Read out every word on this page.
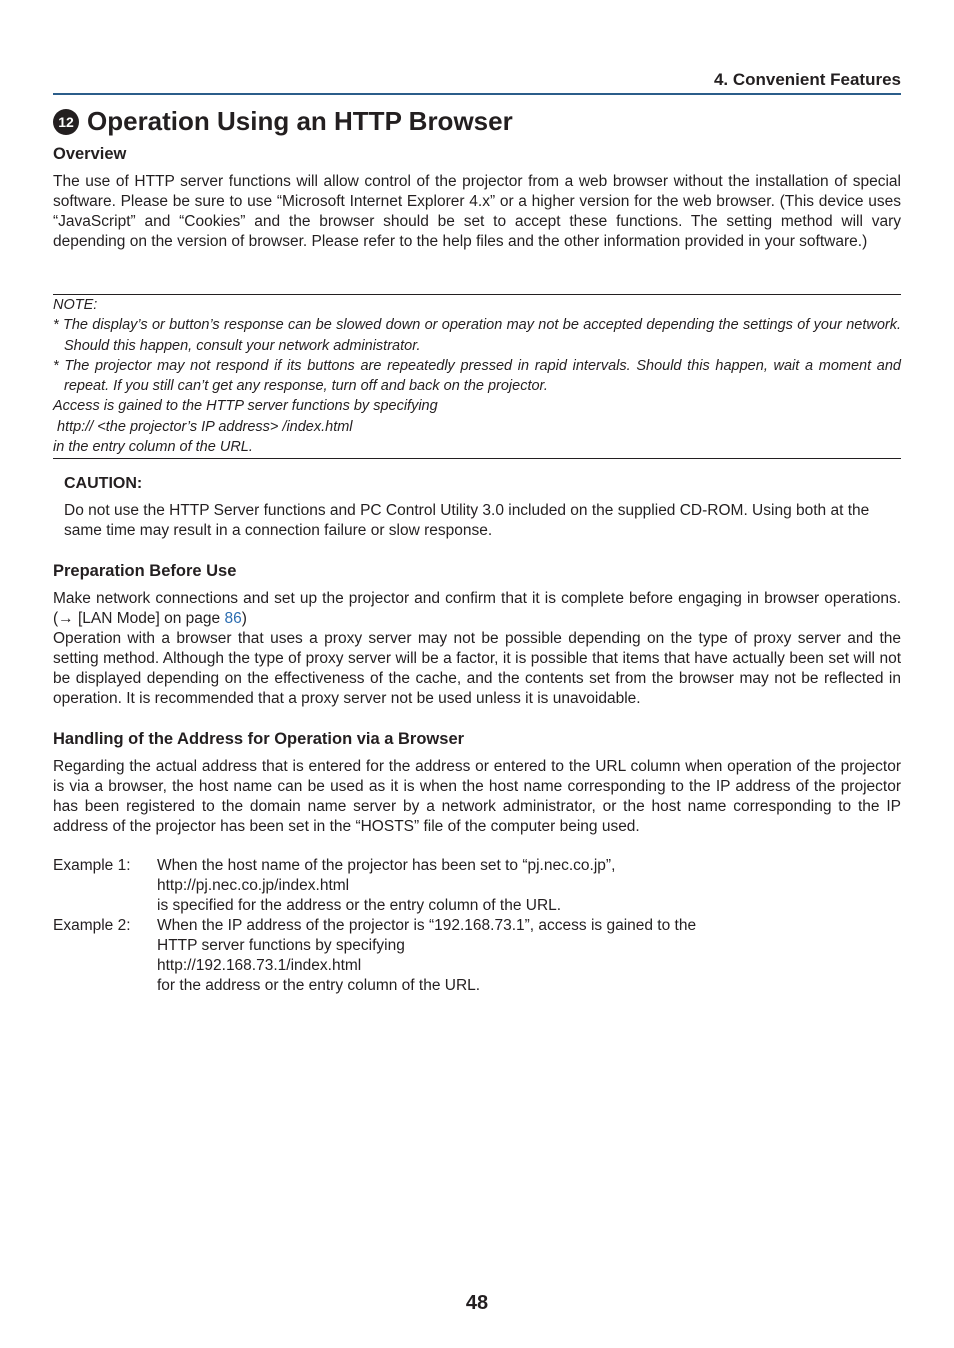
4. Convenient Features
12 Operation Using an HTTP Browser
Overview

The use of HTTP server functions will allow control of the projector from a web browser without the installation of special software. Please be sure to use “Microsoft Internet Explorer 4.x” or a higher version for the web browser. (This device uses “JavaScript” and “Cookies” and the browser should be set to accept these functions. The setting method will vary depending on the version of browser. Please refer to the help files and the other information provided in your software.)

NOTE:
* The display’s or button’s response can be slowed down or operation may not be accepted depending the settings of your network. Should this happen, consult your network administrator.
* The projector may not respond if its buttons are repeatedly pressed in rapid intervals. Should this happen, wait a moment and repeat. If you still can’t get any response, turn off and back on the projector.
Access is gained to the HTTP server functions by specifying
http:// <the projector’s IP address> /index.html
in the entry column of the URL.
CAUTION:

Do not use the HTTP Server functions and PC Control Utility 3.0 included on the supplied CD-ROM. Using both at the same time may result in a connection failure or slow response.

Preparation Before Use

Make network connections and set up the projector and confirm that it is complete before engaging in browser operations. (→ [LAN Mode] on page 86)
Operation with a browser that uses a proxy server may not be possible depending on the type of proxy server and the setting method. Although the type of proxy server will be a factor, it is possible that items that have actually been set will not be displayed depending on the effectiveness of the cache, and the contents set from the browser may not be reflected in operation. It is recommended that a proxy server not be used unless it is unavoidable.

Handling of the Address for Operation via a Browser

Regarding the actual address that is entered for the address or entered to the URL column when operation of the projector is via a browser, the host name can be used as it is when the host name corresponding to the IP address of the projector has been registered to the domain name server by a network administrator, or the host name corresponding to the IP address of the projector has been set in the “HOSTS” file of the computer being used.

Example 1:	When the host name of the projector has been set to “pj.nec.co.jp”,
http://pj.nec.co.jp/index.html
is specified for the address or the entry column of the URL.
Example 2:	When the IP address of the projector is “192.168.73.1”, access is gained to the
HTTP server functions by specifying
http://192.168.73.1/index.html
for the address or the entry column of the URL.
48
